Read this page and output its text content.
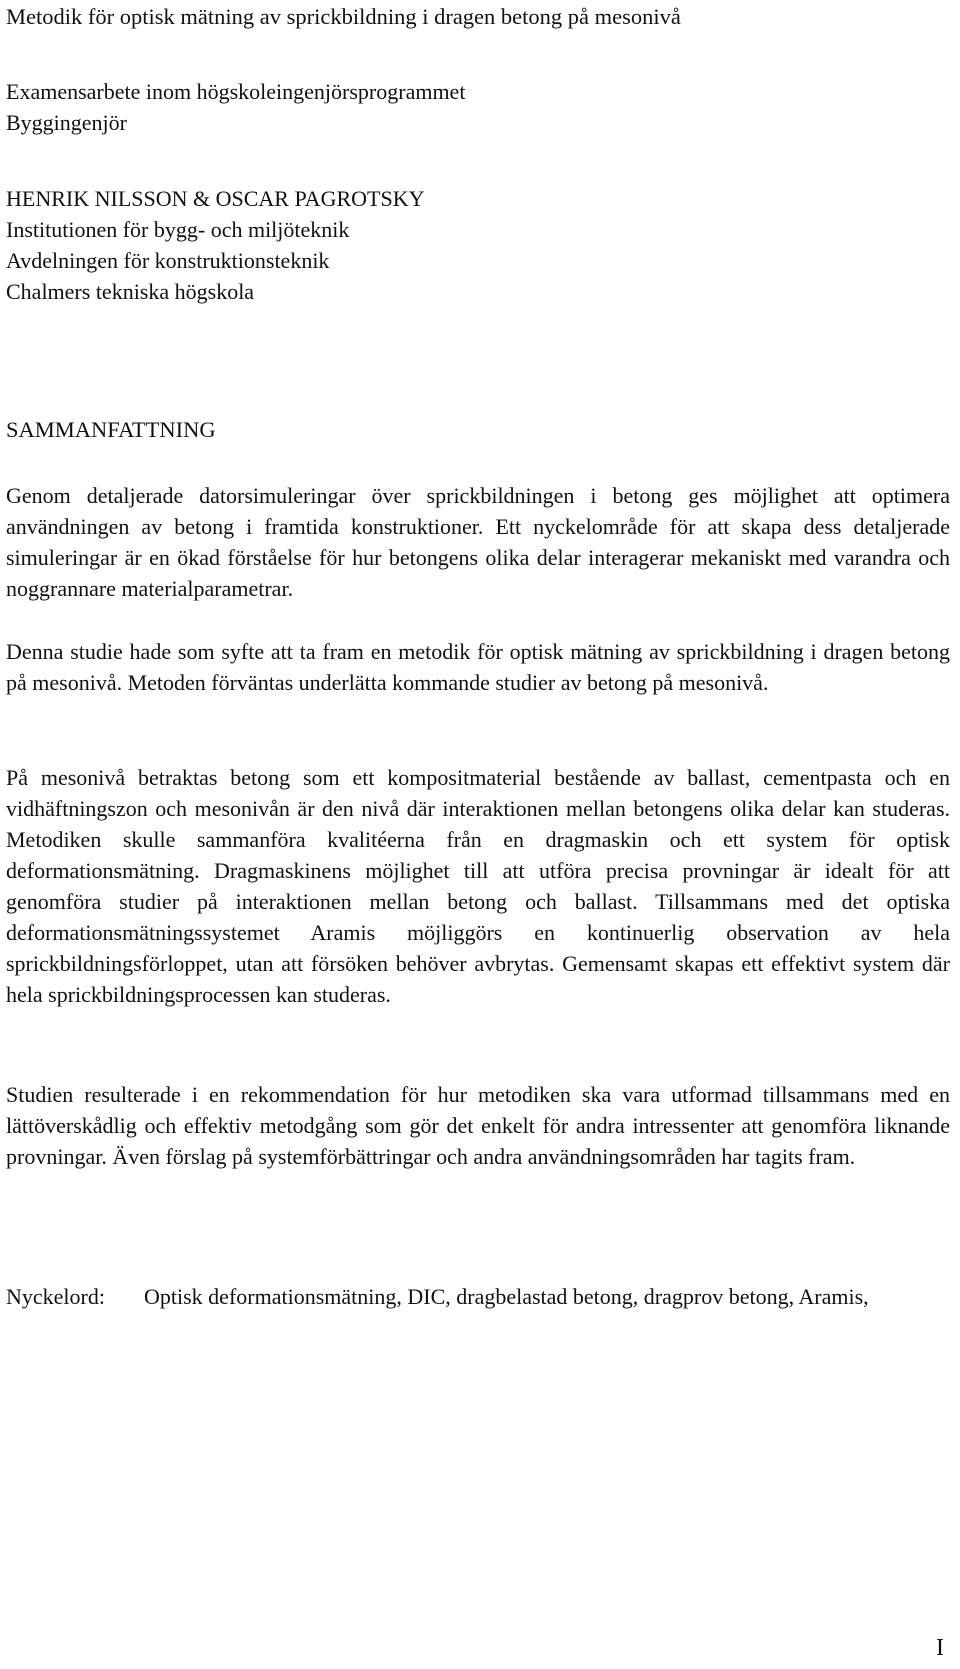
Metodik för optisk mätning av sprickbildning i dragen betong på mesonivå
Examensarbete inom högskoleingenjörsprogrammet
Byggingenjör
HENRIK NILSSON & OSCAR PAGROTSKY
Institutionen för bygg- och miljöteknik
Avdelningen för konstruktionsteknik
Chalmers tekniska högskola
SAMMANFATTNING

Genom detaljerade datorsimuleringar över sprickbildningen i betong ges möjlighet att optimera användningen av betong i framtida konstruktioner. Ett nyckelområde för att skapa dess detaljerade simuleringar är en ökad förståelse för hur betongens olika delar interagerar mekaniskt med varandra och noggrannare materialparametrar.

Denna studie hade som syfte att ta fram en metodik för optisk mätning av sprickbildning i dragen betong på mesonivå. Metoden förväntas underlätta kommande studier av betong på mesonivå.

På mesonivå betraktas betong som ett kompositmaterial bestående av ballast, cementpasta och en vidhäftningszon och mesonivån är den nivå där interaktionen mellan betongens olika delar kan studeras. Metodiken skulle sammanföra kvalitéerna från en dragmaskin och ett system för optisk deformationsmätning. Dragmaskinens möjlighet till att utföra precisa provningar är idealt för att genomföra studier på interaktionen mellan betong och ballast. Tillsammans med det optiska deformationsmätningssystemet Aramis möjliggörs en kontinuerlig observation av hela sprickbildningsförloppet, utan att försöken behöver avbrytas. Gemensamt skapas ett effektivt system där hela sprickbildningsprocessen kan studeras.

Studien resulterade i en rekommendation för hur metodiken ska vara utformad tillsammans med en lättöverskådlig och effektiv metodgång som gör det enkelt för andra intressenter att genomföra liknande provningar. Även förslag på systemförbättringar och andra användningsområden har tagits fram.

Nyckelord:	Optisk deformationsmätning, DIC, dragbelastad betong, dragprov betong, Aramis,
I
